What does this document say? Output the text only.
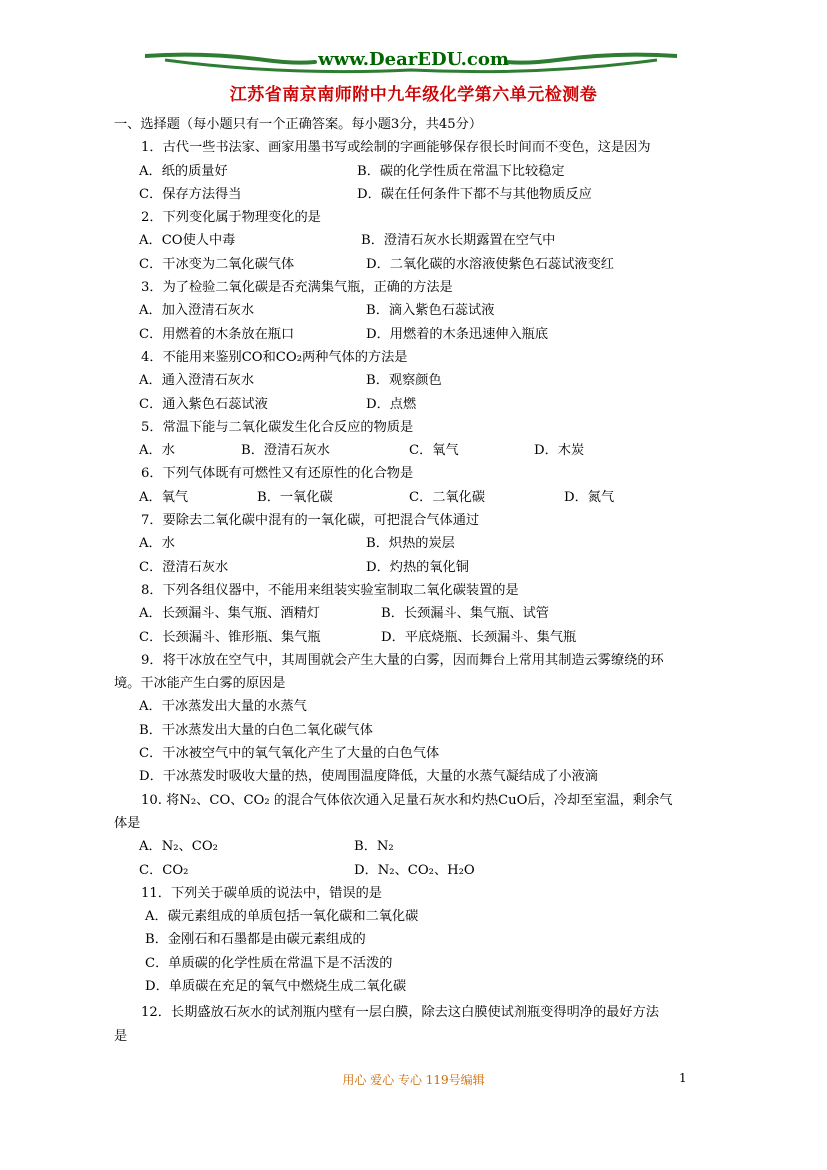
www.DearEDU.com
江苏省南京南师附中九年级化学第六单元检测卷
一、选择题（每小题只有一个正确答案。每小题3分，共45分）
1．古代一些书法家、画家用墨书写或绘制的字画能够保存很长时间而不变色，这是因为
A．纸的质量好	B．碳的化学性质在常温下比较稳定
C．保存方法得当	D．碳在任何条件下都不与其他物质反应
2．下列变化属于物理变化的是
A．CO使人中毒	B．澄清石灰水长期露置在空气中
C．干冰变为二氧化碳气体	D．二氧化碳的水溶液使紫色石蕊试液变红
3．为了检验二氧化碳是否充满集气瓶，正确的方法是
A．加入澄清石灰水	B．滴入紫色石蕊试液
C．用燃着的木条放在瓶口	D．用燃着的木条迅速伸入瓶底
4．不能用来鉴别CO和CO₂两种气体的方法是
A．通入澄清石灰水	B．观察颜色
C．通入紫色石蕊试液	D．点燃
5．常温下能与二氧化碳发生化合反应的物质是
A．水	B．澄清石灰水	C．氧气	D．木炭
6．下列气体既有可燃性又有还原性的化合物是
A．氧气	B．一氧化碳	C．二氧化碳	D．氮气
7．要除去二氧化碳中混有的一氧化碳，可把混合气体通过
A．水	B．炽热的炭层
C．澄清石灰水	D．灼热的氧化铜
8．下列各组仪器中，不能用来组装实验室制取二氧化碳装置的是
A．长颈漏斗、集气瓶、酒精灯	B．长颈漏斗、集气瓶、试管
C．长颈漏斗、锥形瓶、集气瓶	D．平底烧瓶、长颈漏斗、集气瓶
9．将干冰放在空气中，其周围就会产生大量的白雾，因而舞台上常用其制造云雾缭绕的环
境。干冰能产生白雾的原因是
A．干冰蒸发出大量的水蒸气
B．干冰蒸发出大量的白色二氧化碳气体
C．干冰被空气中的氧气氧化产生了大量的白色气体
D．干冰蒸发时吸收大量的热，使周围温度降低，大量的水蒸气凝结成了小液滴
10. 将N₂、CO、CO₂ 的混合气体依次通入足量石灰水和灼热CuO后，冷却至室温，剩余气
体是
A．N₂、CO₂	B．N₂
C．CO₂	D．N₂、CO₂、H₂O
11．下列关于碳单质的说法中，错误的是
A．碳元素组成的单质包括一氧化碳和二氧化碳
B．金刚石和石墨都是由碳元素组成的
C．单质碳的化学性质在常温下是不活泼的
D．单质碳在充足的氧气中燃烧生成二氧化碳
12．长期盛放石灰水的试剂瓶内壁有一层白膜，除去这白膜使试剂瓶变得明净的最好方法
是
用心 爱心 专心 119号编辑	1
